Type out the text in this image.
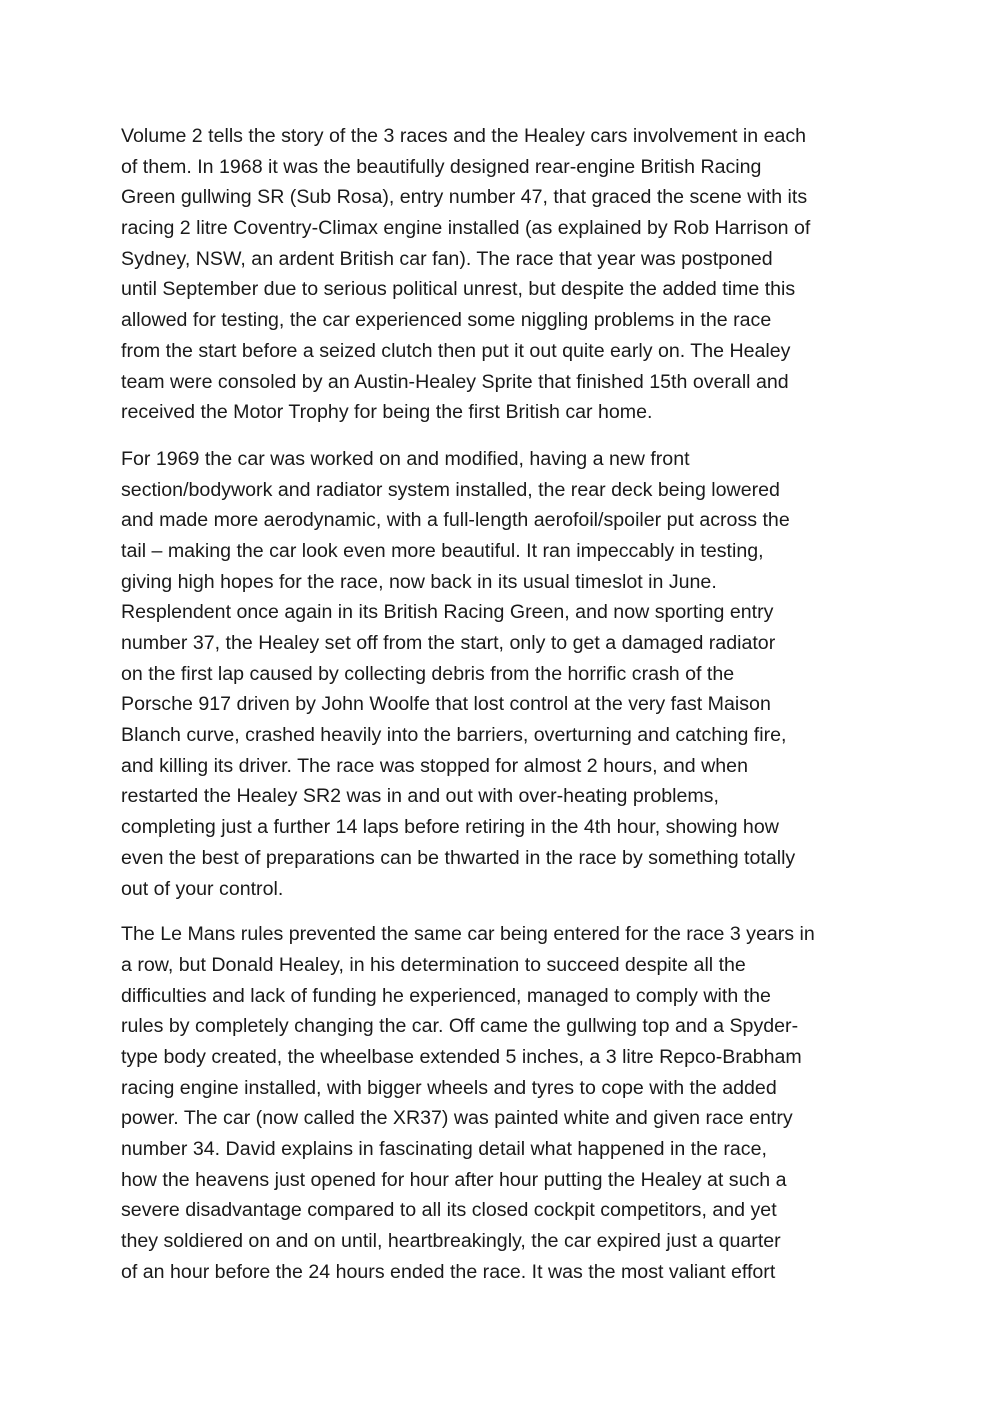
Volume 2 tells the story of the 3 races and the Healey cars involvement in each
of them. In 1968 it was the beautifully designed rear-engine British Racing
Green gullwing SR (Sub Rosa), entry number 47, that graced the scene with its
racing 2 litre Coventry-Climax engine installed (as explained by Rob Harrison of
Sydney, NSW, an ardent British car fan). The race that year was postponed
until September due to serious political unrest, but despite the added time this
allowed for testing, the car experienced some niggling problems in the race
from the start before a seized clutch then put it out quite early on. The Healey
team were consoled by an Austin-Healey Sprite that finished 15th overall and
received the Motor Trophy for being the first British car home.

For 1969 the car was worked on and modified, having a new front
section/bodywork and radiator system installed, the rear deck being lowered
and made more aerodynamic, with a full-length aerofoil/spoiler put across the
tail – making the car look even more beautiful. It ran impeccably in testing,
giving high hopes for the race, now back in its usual timeslot in June.
Resplendent once again in its British Racing Green, and now sporting entry
number 37, the Healey set off from the start, only to get a damaged radiator
on the first lap caused by collecting debris from the horrific crash of the
Porsche 917 driven by John Woolfe that lost control at the very fast Maison
Blanch curve, crashed heavily into the barriers, overturning and catching fire,
and killing its driver. The race was stopped for almost 2 hours, and when
restarted the Healey SR2 was in and out with over-heating problems,
completing just a further 14 laps before retiring in the 4th hour, showing how
even the best of preparations can be thwarted in the race by something totally
out of your control.

The Le Mans rules prevented the same car being entered for the race 3 years in
a row, but Donald Healey, in his determination to succeed despite all the
difficulties and lack of funding he experienced, managed to comply with the
rules by completely changing the car. Off came the gullwing top and a Spyder-
type body created, the wheelbase extended 5 inches, a 3 litre Repco-Brabham
racing engine installed, with bigger wheels and tyres to cope with the added
power. The car (now called the XR37) was painted white and given race entry
number 34. David explains in fascinating detail what happened in the race,
how the heavens just opened for hour after hour putting the Healey at such a
severe disadvantage compared to all its closed cockpit competitors, and yet
they soldiered on and on until, heartbreakingly, the car expired just a quarter
of an hour before the 24 hours ended the race. It was the most valiant effort
